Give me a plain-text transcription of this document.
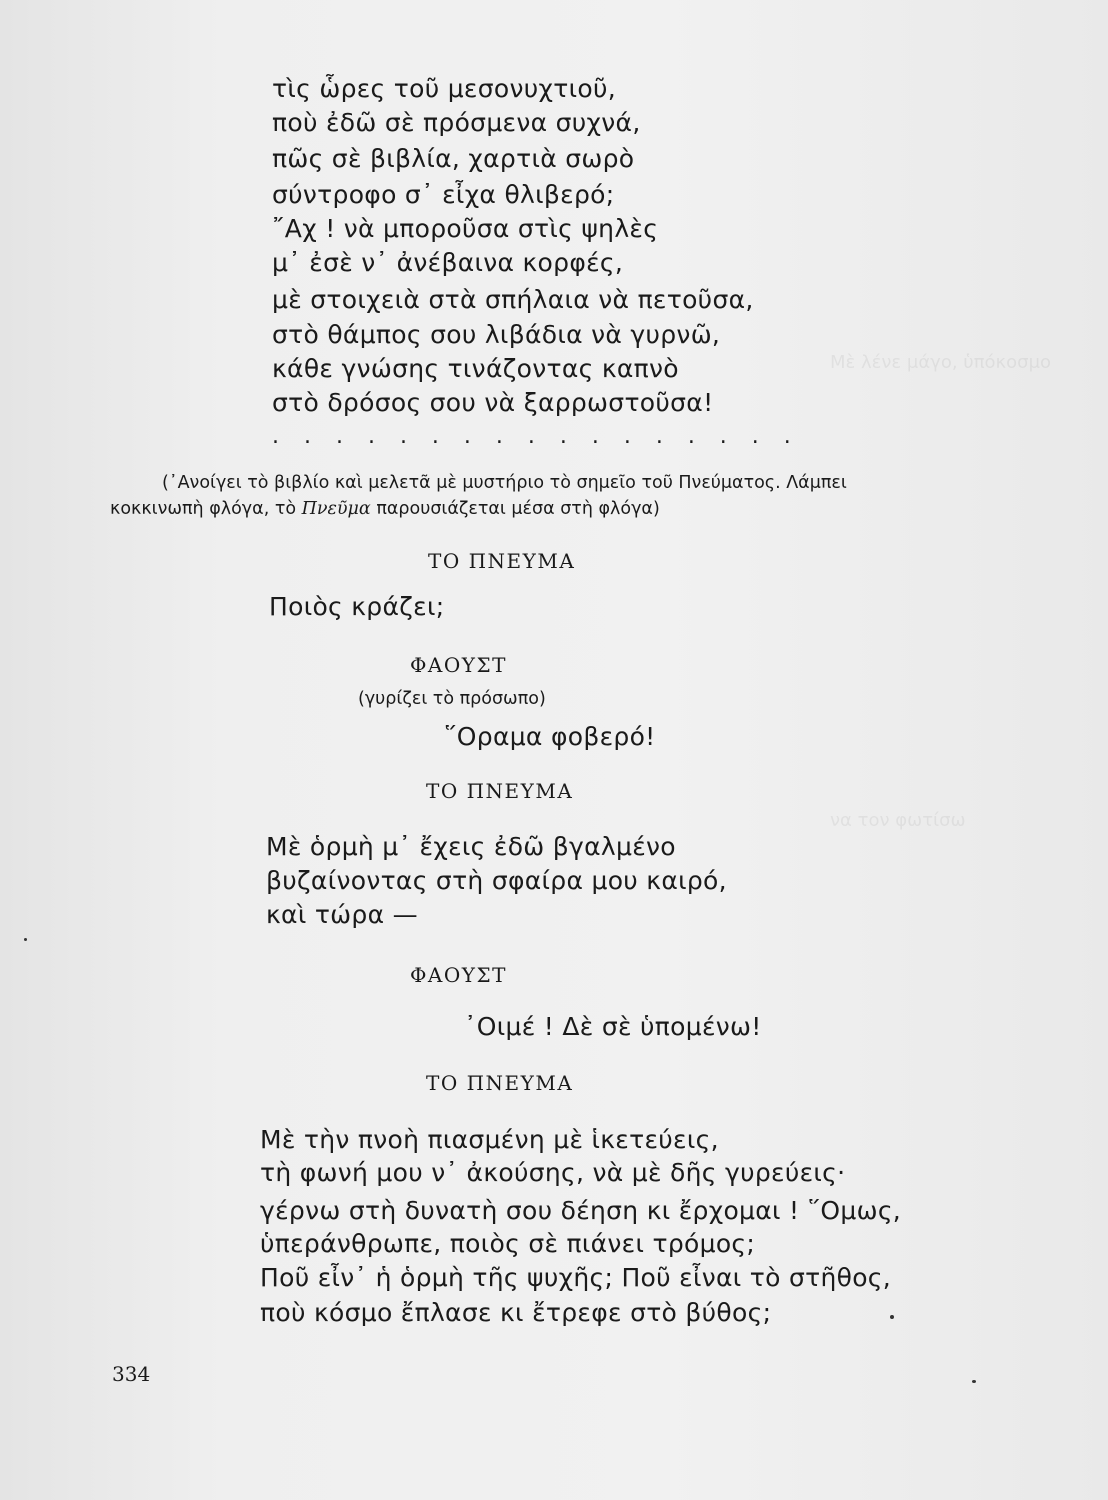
Μὲ λένε μάγο, ὑπόκοσμο
να τον φωτίσω
τὶς ὧρες τοῦ μεσονυχτιοῦ,
ποὺ ἐδῶ σὲ πρόσμενα συχνά,
πῶς σὲ βιβλία, χαρτιὰ σωρὸ
σύντροφο σ᾽ εἶχα θλιβερό;
῎Αχ ! νὰ μποροῦσα στὶς ψηλὲς
μ᾽ ἐσὲ ν᾽ ἀνέβαινα κορφές,
μὲ στοιχειὰ στὰ σπήλαια νὰ πετοῦσα,
στὸ θάμπος σου λιβάδια νὰ γυρνῶ,
κάθε γνώσης τινάζοντας καπνὸ
στὸ δρόσος σου νὰ ξαρρωστοῦσα!
. . . . . . . . . . . . . . . . .
(᾽Ανοίγει τὸ βιβλίο καὶ μελετᾶ μὲ μυστήριο τὸ σημεῖο τοῦ Πνεύματος. Λάμπει
κοκκινωπὴ φλόγα, τὸ Πνεῦμα παρουσιάζεται μέσα στὴ φλόγα)
ΤΟ ΠΝΕΥΜΑ
Ποιὸς κράζει;
ΦΑΟΥΣΤ
(γυρίζει τὸ πρόσωπο)
῞Οραμα φοβερό!
ΤΟ ΠΝΕΥΜΑ
Μὲ ὁρμὴ μ᾽ ἔχεις ἐδῶ βγαλμένο
βυζαίνοντας στὴ σφαίρα μου καιρό,
καὶ τώρα —
ΦΑΟΥΣΤ
᾽Οιμέ ! Δὲ σὲ ὑπομένω!
ΤΟ ΠΝΕΥΜΑ
Μὲ τὴν πνοὴ πιασμένη μὲ ἱκετεύεις,
τὴ φωνή μου ν᾽ ἀκούσης, νὰ μὲ δῆς γυρεύεις·
γέρνω στὴ δυνατὴ σου δέηση κι ἔρχομαι ! ῞Ομως,
ὑπεράνθρωπε, ποιὸς σὲ πιάνει τρόμος;
Ποῦ εἶν᾽ ἡ ὁρμὴ τῆς ψυχῆς; Ποῦ εἶναι τὸ στῆθος,
ποὺ κόσμο ἔπλασε κι ἔτρεφε στὸ βύθος;
334
